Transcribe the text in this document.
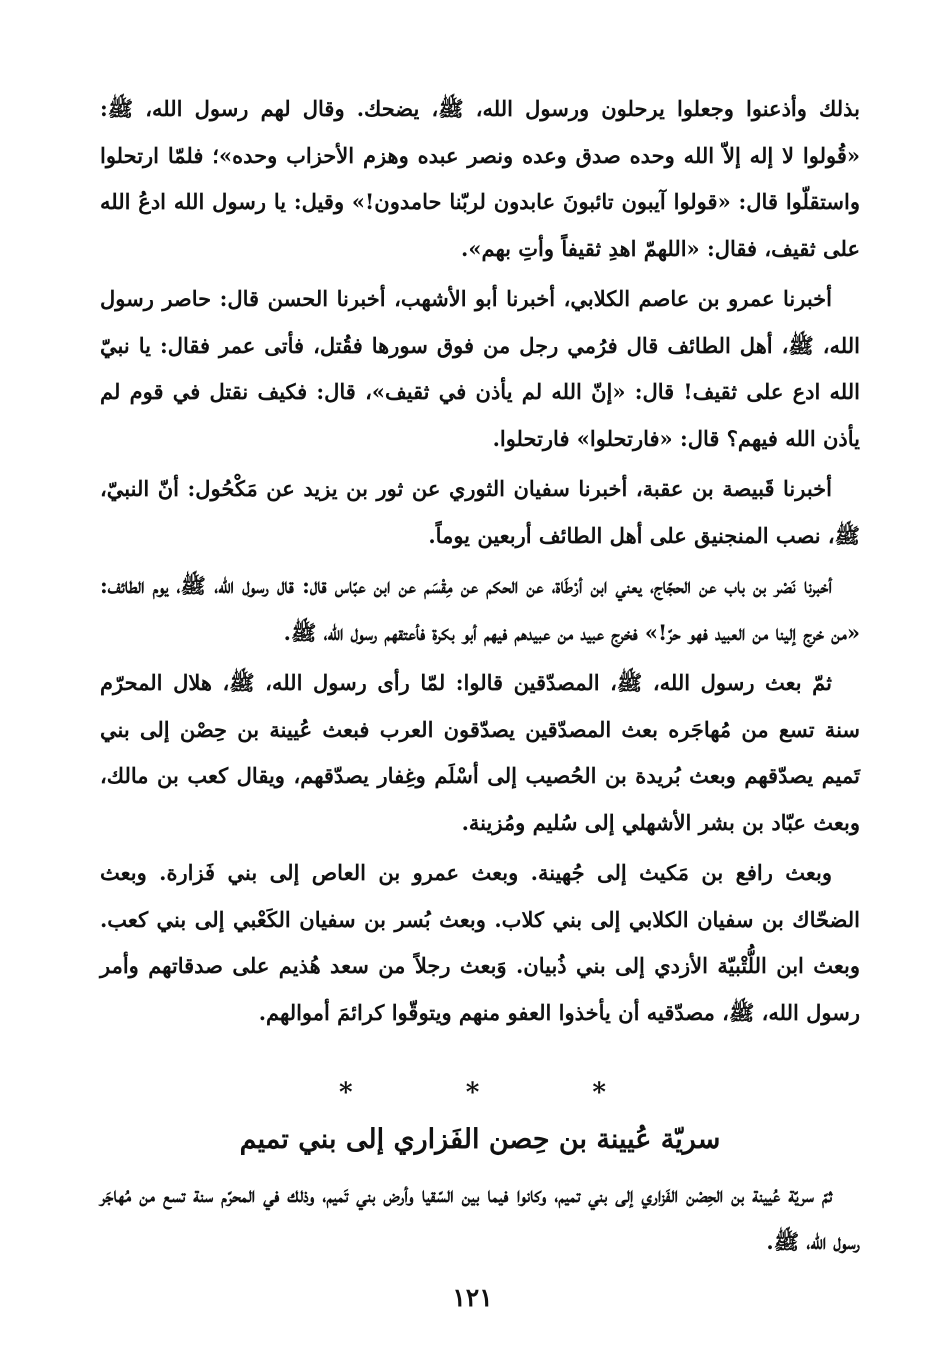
بذلك وأذعنوا وجعلوا يرحلون ورسول الله، ﷺ، يضحك. وقال لهم رسول الله، ﷺ: «قُولوا لا إله إلاّ الله وحده صدق وعده ونصر عبده وهزم الأحزاب وحده»؛ فلمّا ارتحلوا واستقلّوا قال: «قولوا آيبون تائبونَ عابدون لربّنا حامدون!» وقيل: يا رسول الله ادعُ الله على ثقيف، فقال: «اللهمّ اهدِ ثقيفاً وأتِ بهم».

أخبرنا عمرو بن عاصم الكلابي، أخبرنا أبو الأشهب، أخبرنا الحسن قال: حاصر رسول الله، ﷺ، أهل الطائف قال فرُمي رجل من فوق سورها فقُتل، فأتى عمر فقال: يا نبيّ الله ادع على ثقيف! قال: «إنّ الله لم يأذن في ثقيف»، قال: فكيف نقتل في قوم لم يأذن الله فيهم؟ قال: «فارتحلوا» فارتحلوا.

أخبرنا قَبيصة بن عقبة، أخبرنا سفيان الثوري عن ثور بن يزيد عن مَكْحُول: أنّ النبيّ، ﷺ، نصب المنجنيق على أهل الطائف أربعين يوماً.

أخبرنا نَصْر بن باب عن الحجّاج، يعني ابن أرْطَاة، عن الحكم عن مِقْسَم عن ابن عبّاس قال: قال رسول الله، ﷺ، يوم الطائف: «من خرج إلينا من العبيد فهو حرّ!» فخرج عبيد من عبيدهم فيهم أبو بكرة فأعتقهم رسول الله، ﷺ.

ثمّ بعث رسول الله، ﷺ، المصدّقين قالوا: لمّا رأى رسول الله، ﷺ، هلال المحرّم سنة تسع من مُهاجَره بعث المصدّقين يصدّقون العرب فبعث عُيينة بن حِصْن إلى بني تَميم يصدّقهم وبعث بُريدة بن الحُصيب إلى أسْلَم وغِفار يصدّقهم، ويقال كعب بن مالك، وبعث عبّاد بن بشر الأشهلي إلى سُليم ومُزينة.

وبعث رافع بن مَكيث إلى جُهينة. وبعث عمرو بن العاص إلى بني فَزارة. وبعث الضحّاك بن سفيان الكلابي إلى بني كلاب. وبعث بُسر بن سفيان الكَعْبي إلى بني كعب. وبعث ابن اللُّتْبيّة الأزدي إلى بني ذُبيان. وَبعث رجلاً من سعد هُذيم على صدقاتهم وأمر رسول الله، ﷺ، مصدّقيه أن يأخذوا العفو منهم ويتوقّوا كرائمَ أموالهم.

* * *
سريّة عُيينة بن حِصن الفَزاري إلى بني تميم

ثمّ سريّة عُيينة بن الحِصْن الفَزاري إلى بني تميم، وكانوا فيما بين السّقيا وأرض بني تَميم، وذلك في المحرّم سنة تسع من مُهاجَر رسول الله، ﷺ.

١٢١
